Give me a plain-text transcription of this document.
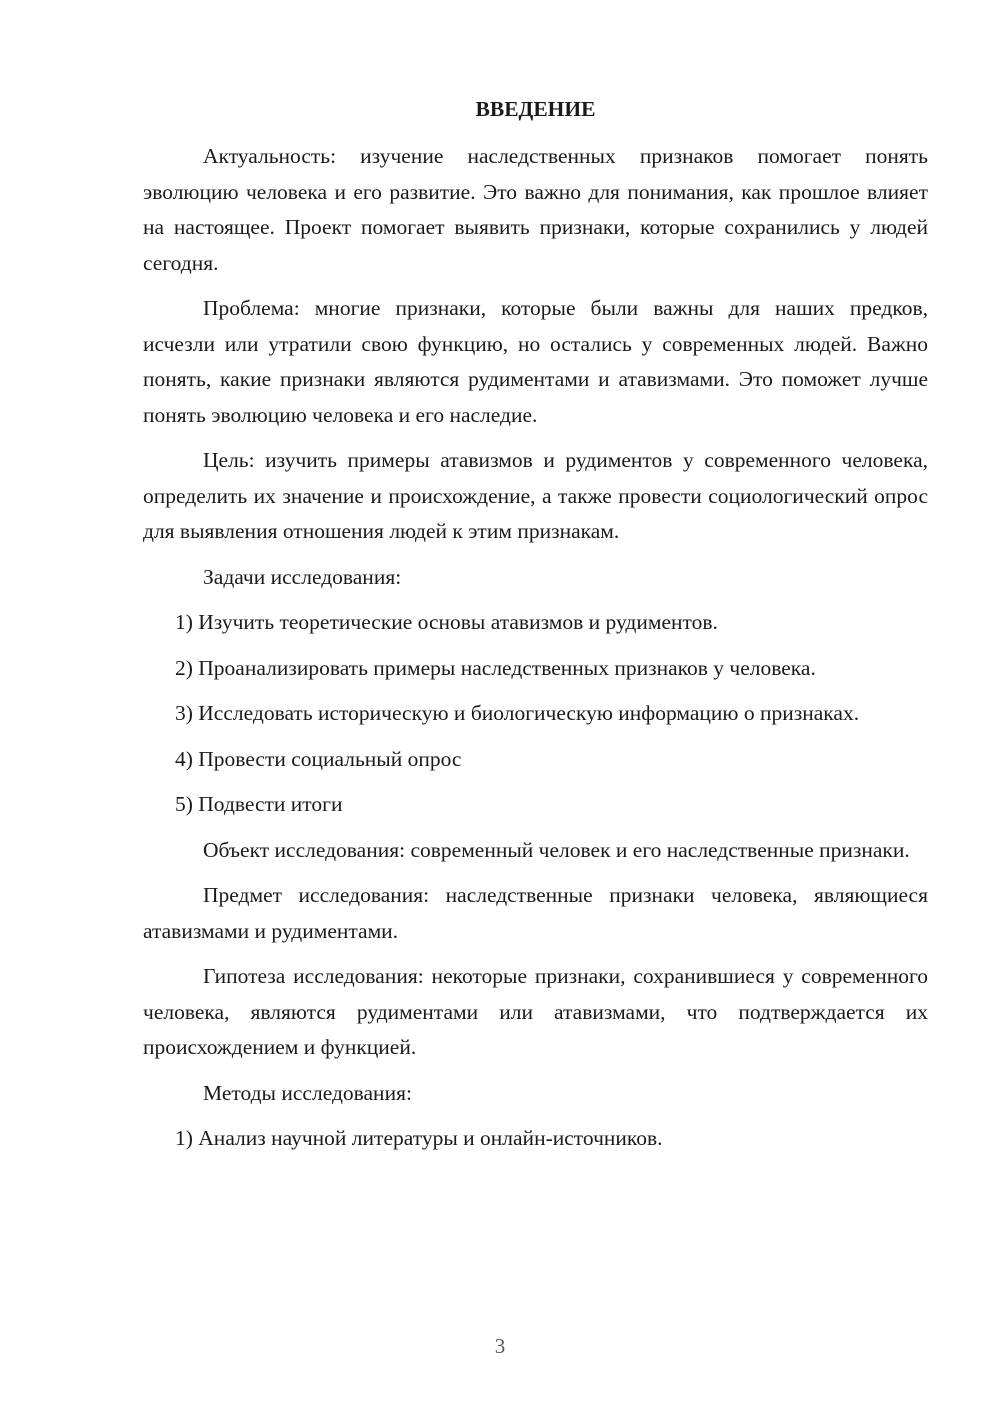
ВВЕДЕНИЕ

Актуальность: изучение наследственных признаков помогает понять эволюцию человека и его развитие. Это важно для понимания, как прошлое влияет на настоящее. Проект помогает выявить признаки, которые сохранились у людей сегодня.

Проблема: многие признаки, которые были важны для наших предков, исчезли или утратили свою функцию, но остались у современных людей. Важно понять, какие признаки являются рудиментами и атавизмами. Это поможет лучше понять эволюцию человека и его наследие.

Цель: изучить примеры атавизмов и рудиментов у современного человека, определить их значение и происхождение, а также провести социологический опрос для выявления отношения людей к этим признакам.

Задачи исследования:

1) Изучить теоретические основы атавизмов и рудиментов.

2) Проанализировать примеры наследственных признаков у человека.

3) Исследовать историческую и биологическую информацию о признаках.

4) Провести социальный опрос

5) Подвести итоги

Объект исследования: современный человек и его наследственные признаки.

Предмет исследования: наследственные признаки человека, являющиеся атавизмами и рудиментами.

Гипотеза исследования: некоторые признаки, сохранившиеся у современного человека, являются рудиментами или атавизмами, что подтверждается их происхождением и функцией.

Методы исследования:

1) Анализ научной литературы и онлайн-источников.

3
